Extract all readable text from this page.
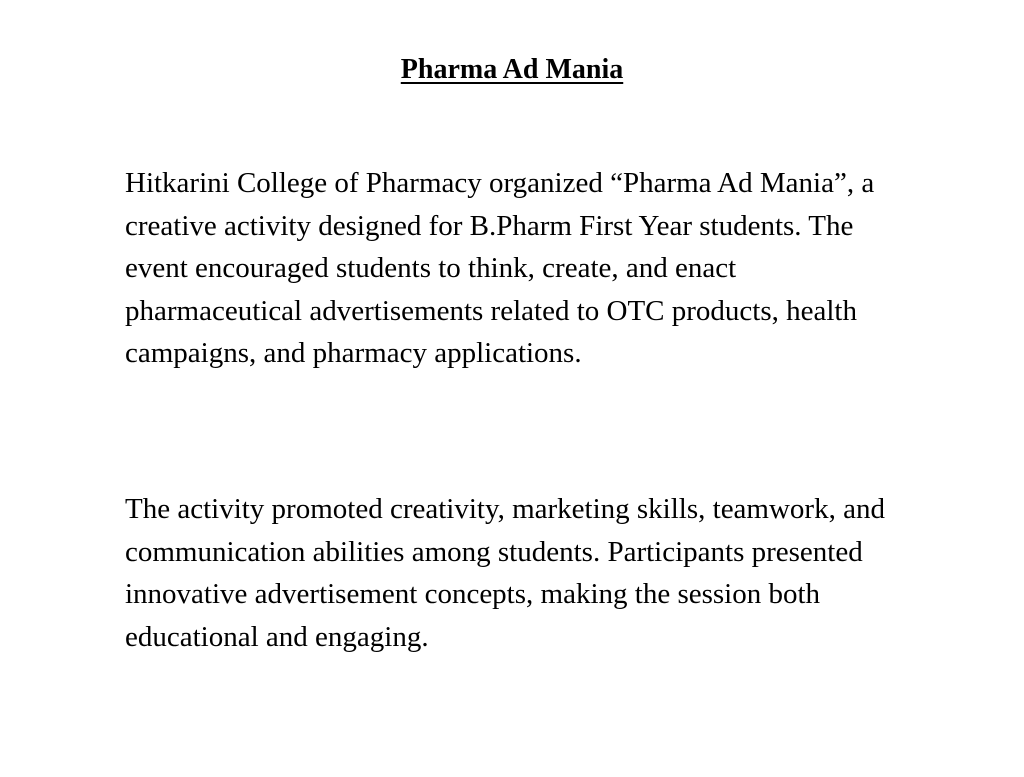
Pharma Ad Mania

Hitkarini College of Pharmacy organized “Pharma Ad Mania”, a creative activity designed for B.Pharm First Year students. The event encouraged students to think, create, and enact pharmaceutical advertisements related to OTC products, health campaigns, and pharmacy applications.

The activity promoted creativity, marketing skills, teamwork, and communication abilities among students. Participants presented innovative advertisement concepts, making the session both educational and engaging.
